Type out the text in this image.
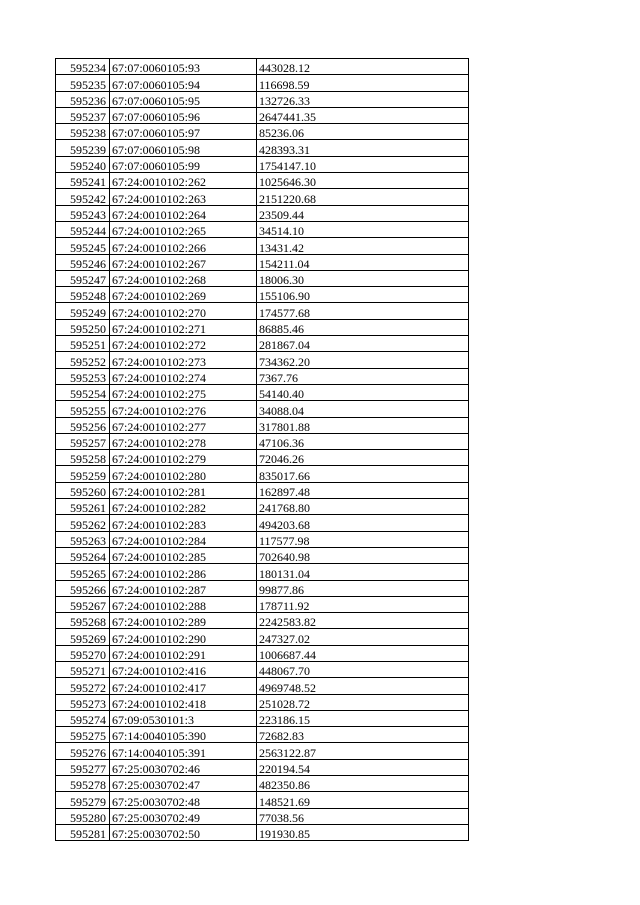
595234	67:07:0060105:93	443028.12
595235	67:07:0060105:94	116698.59
595236	67:07:0060105:95	132726.33
595237	67:07:0060105:96	2647441.35
595238	67:07:0060105:97	85236.06
595239	67:07:0060105:98	428393.31
595240	67:07:0060105:99	1754147.10
595241	67:24:0010102:262	1025646.30
595242	67:24:0010102:263	2151220.68
595243	67:24:0010102:264	23509.44
595244	67:24:0010102:265	34514.10
595245	67:24:0010102:266	13431.42
595246	67:24:0010102:267	154211.04
595247	67:24:0010102:268	18006.30
595248	67:24:0010102:269	155106.90
595249	67:24:0010102:270	174577.68
595250	67:24:0010102:271	86885.46
595251	67:24:0010102:272	281867.04
595252	67:24:0010102:273	734362.20
595253	67:24:0010102:274	7367.76
595254	67:24:0010102:275	54140.40
595255	67:24:0010102:276	34088.04
595256	67:24:0010102:277	317801.88
595257	67:24:0010102:278	47106.36
595258	67:24:0010102:279	72046.26
595259	67:24:0010102:280	835017.66
595260	67:24:0010102:281	162897.48
595261	67:24:0010102:282	241768.80
595262	67:24:0010102:283	494203.68
595263	67:24:0010102:284	117577.98
595264	67:24:0010102:285	702640.98
595265	67:24:0010102:286	180131.04
595266	67:24:0010102:287	99877.86
595267	67:24:0010102:288	178711.92
595268	67:24:0010102:289	2242583.82
595269	67:24:0010102:290	247327.02
595270	67:24:0010102:291	1006687.44
595271	67:24:0010102:416	448067.70
595272	67:24:0010102:417	4969748.52
595273	67:24:0010102:418	251028.72
595274	67:09:0530101:3	223186.15
595275	67:14:0040105:390	72682.83
595276	67:14:0040105:391	2563122.87
595277	67:25:0030702:46	220194.54
595278	67:25:0030702:47	482350.86
595279	67:25:0030702:48	148521.69
595280	67:25:0030702:49	77038.56
595281	67:25:0030702:50	191930.85
